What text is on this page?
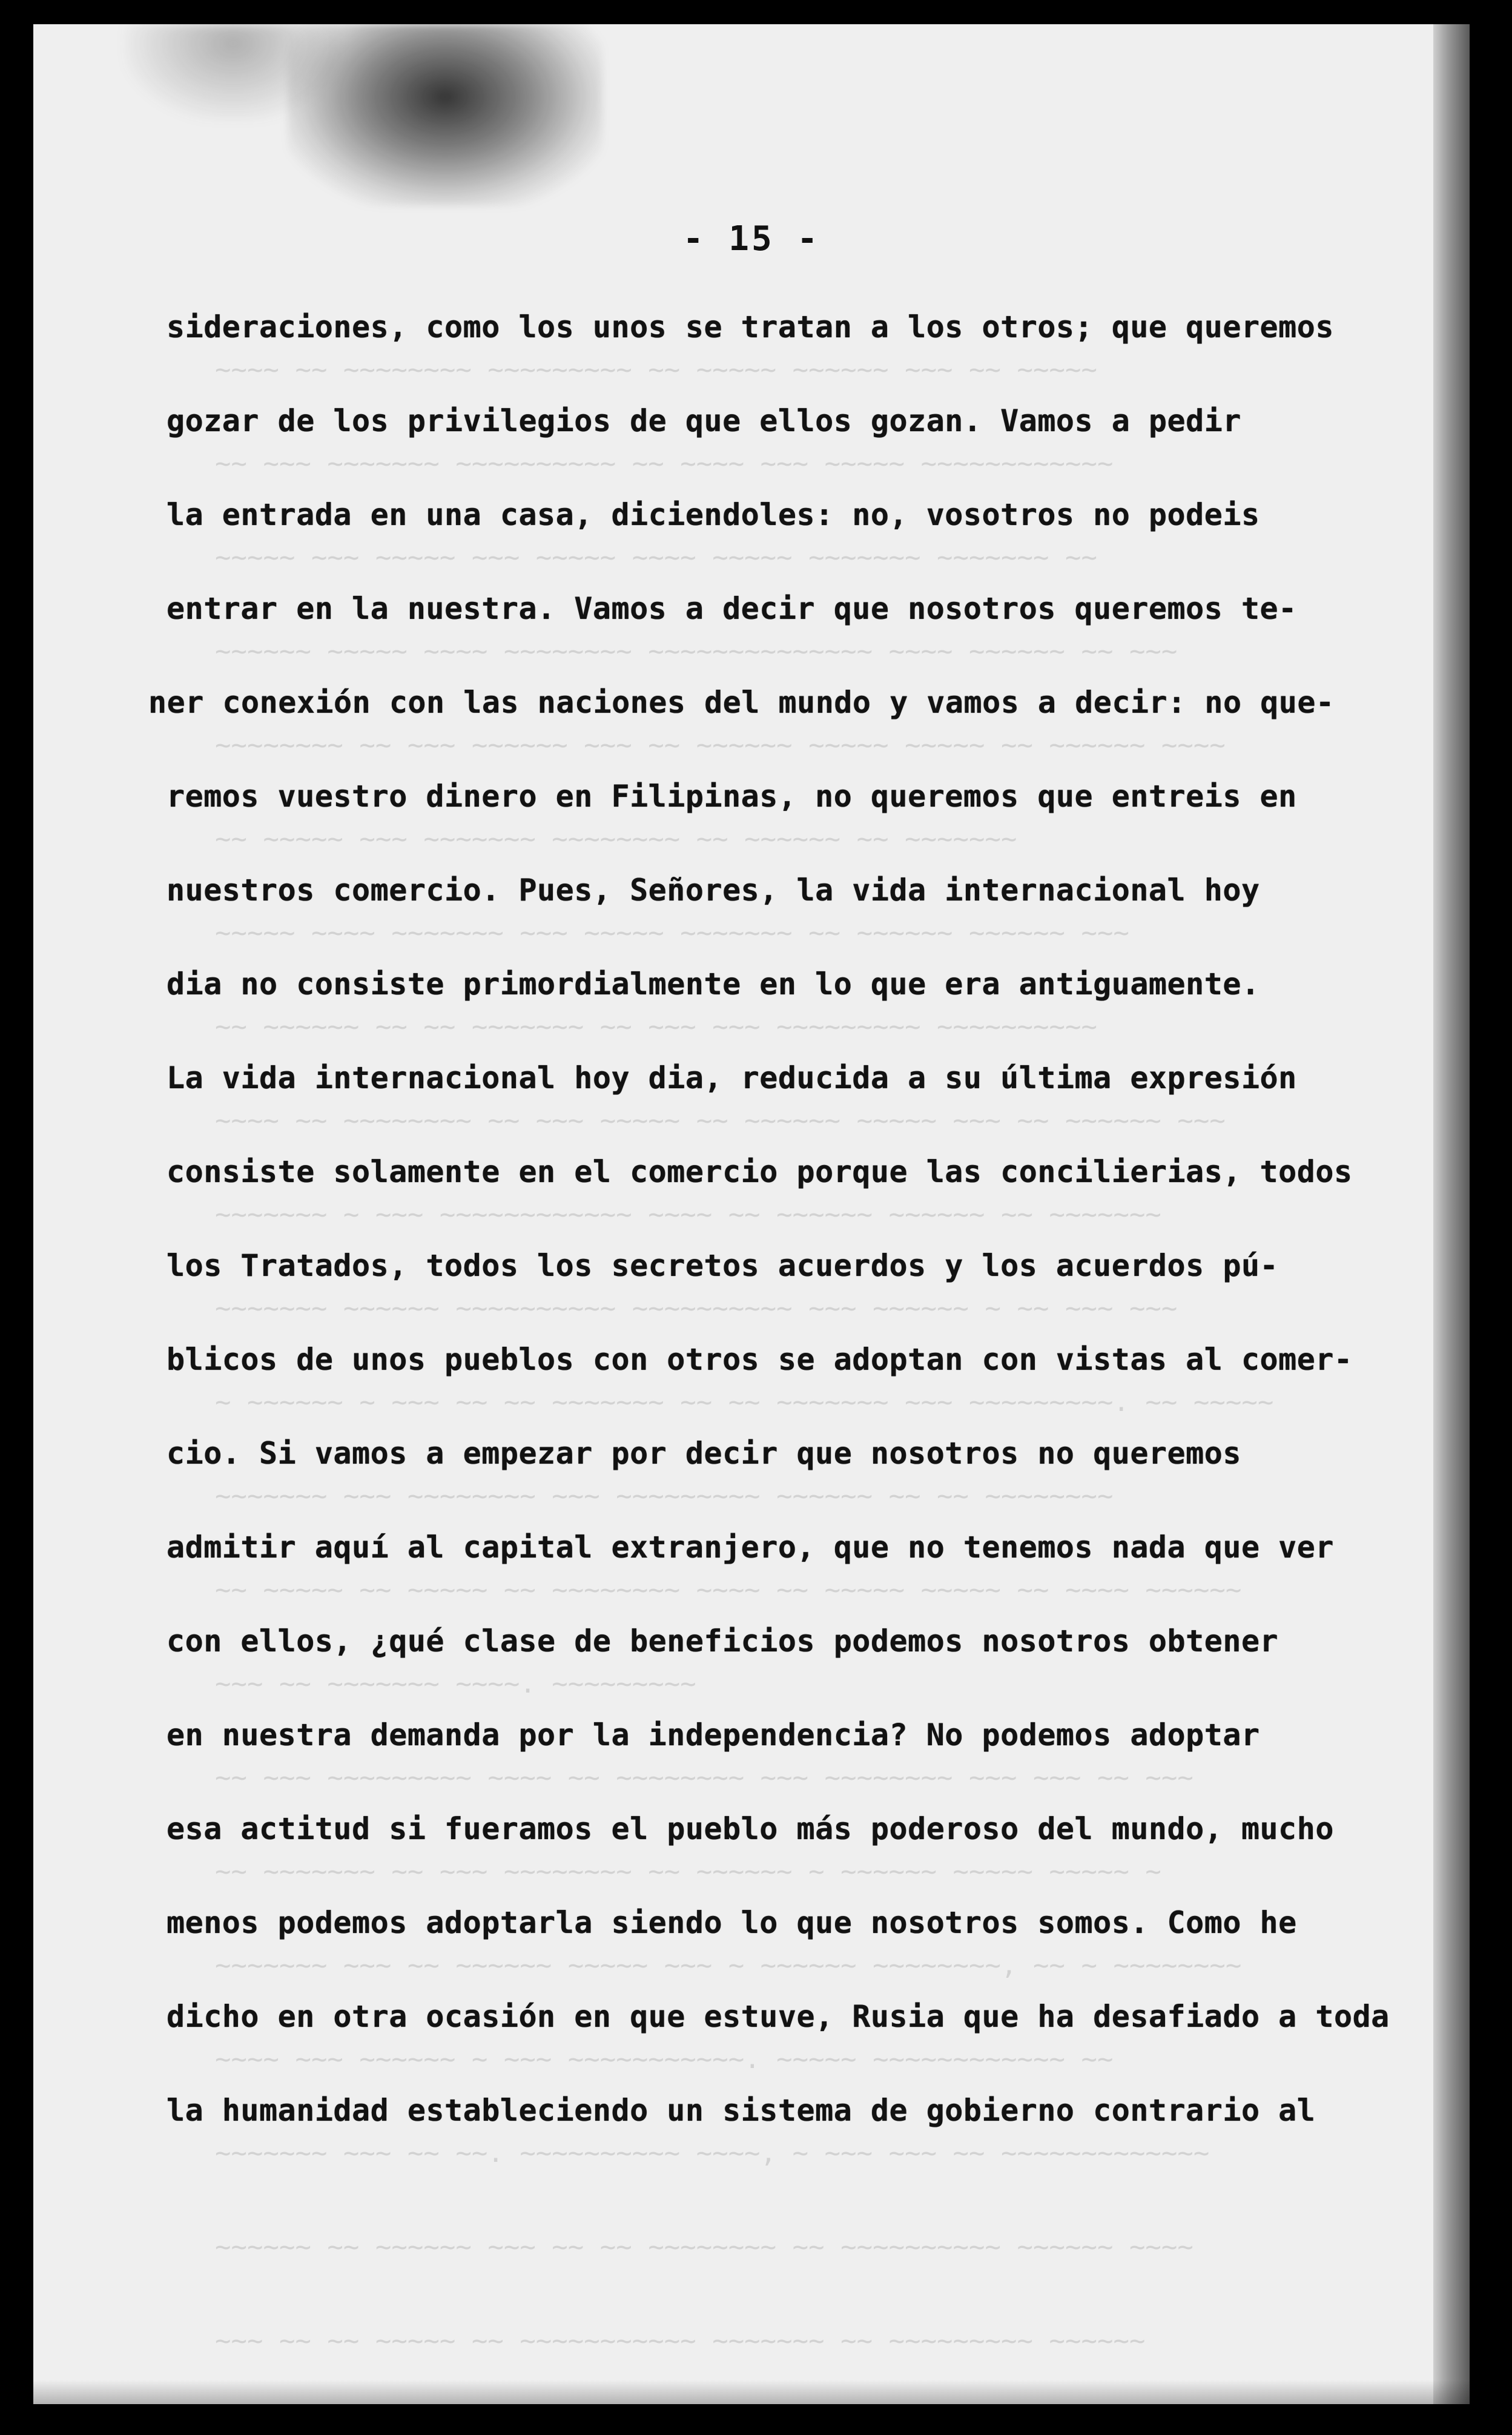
~~~~ ~~ ~~~~~~~~ ~~~~~~~~~ ~~ ~~~~~ ~~~~~~ ~~~ ~~ ~~~~~
~~ ~~~ ~~~~~~~ ~~~~~~~~~~ ~~ ~~~~ ~~~ ~~~~~ ~~~~~~~~~~~~
~~~~~ ~~~ ~~~~~ ~~~ ~~~~~ ~~~~ ~~~~~ ~~~~~~~ ~~~~~~~ ~~
~~~~~~ ~~~~~ ~~~~ ~~~~~~~~ ~~~~~~~~~~~~~~ ~~~~ ~~~~~~ ~~ ~~~
~~~~~~~~ ~~ ~~~ ~~~~~~ ~~~ ~~ ~~~~~~ ~~~~~ ~~~~~ ~~ ~~~~~~ ~~~~
~~ ~~~~~ ~~~ ~~~~~~~ ~~~~~~~~ ~~ ~~~~~~ ~~ ~~~~~~~
~~~~~ ~~~~ ~~~~~~~ ~~~ ~~~~~ ~~~~~~~ ~~ ~~~~~~ ~~~~~~ ~~~
~~ ~~~~~~ ~~ ~~ ~~~~~~~ ~~ ~~~ ~~~ ~~~~~~~~~ ~~~~~~~~~~
~~~~ ~~ ~~~~~~~~ ~~ ~~~ ~~~~~ ~~ ~~~~~~ ~~~~~ ~~~ ~~ ~~~~~~ ~~~
~~~~~~~ ~ ~~~ ~~~~~~~~~~~~ ~~~~ ~~ ~~~~~~ ~~~~~~ ~~ ~~~~~~~
~~~~~~~ ~~~~~~ ~~~~~~~~~~ ~~~~~~~~~~ ~~~ ~~~~~~ ~ ~~ ~~~ ~~~
~ ~~~~~~ ~ ~~~ ~~ ~~ ~~~~~~~ ~~ ~~ ~~~~~~~ ~~~ ~~~~~~~~~. ~~ ~~~~~
~~~~~~~ ~~~ ~~~~~~~~ ~~~ ~~~~~~~~~ ~~~~~~ ~~ ~~ ~~~~~~~~
~~ ~~~~~ ~~ ~~~~~ ~~ ~~~~~~~~ ~~~~ ~~ ~~~~~ ~~~~~ ~~ ~~~~ ~~~~~~
~~~ ~~ ~~~~~~~ ~~~~. ~~~~~~~~~
~~ ~~~ ~~~~~~~~~ ~~~~ ~~ ~~~~~~~~ ~~~ ~~~~~~~~ ~~~ ~~~ ~~ ~~~
~~ ~~~~~~~ ~~ ~~~ ~~~~~~~~ ~~ ~~~~~~ ~ ~~~~~~ ~~~~~ ~~~~~ ~
~~~~~~~ ~~~ ~~ ~~~~~~ ~~~~~ ~~~ ~ ~~~~~~ ~~~~~~~~, ~~ ~ ~~~~~~~~
~~~~ ~~~ ~~~~~~ ~ ~~~ ~~~~~~~~~~~. ~~~~~ ~~~~~~~~~~~~ ~~
~~~~~~~ ~~~ ~~ ~~. ~~~~~~~~~~ ~~~~, ~ ~~~ ~~~ ~~ ~~~~~~~~~~~~~
~~~~~~ ~~ ~~~~~~ ~~~ ~~ ~~ ~~~~~~~~ ~~ ~~~~~~~~~~ ~~~~~~ ~~~~
~~~ ~~ ~~ ~~~~~ ~~ ~~~~~~~~~~~ ~~~~~~~ ~~ ~~~~~~~~~ ~~~~~~
- 15 -
sideraciones, como los unos se tratan a los otros; que queremos
gozar de los privilegios de que ellos gozan. Vamos a pedir
la entrada en una casa, diciendoles: no, vosotros no podeis
entrar en la nuestra. Vamos a decir que nosotros queremos te-
ner conexión con las naciones del mundo y vamos a decir: no que-
remos vuestro dinero en Filipinas, no queremos que entreis en
nuestros comercio. Pues, Señores, la vida internacional hoy
dia no consiste primordialmente en lo que era antiguamente.
La vida internacional hoy dia, reducida a su última expresión
consiste solamente en el comercio porque las concilierias, todos
los Tratados, todos los secretos acuerdos y los acuerdos pú-
blicos de unos pueblos con otros se adoptan con vistas al comer-
cio. Si vamos a empezar por decir que nosotros no queremos
admitir aquí al capital extranjero, que no tenemos nada que ver
con ellos, ¿qué clase de beneficios podemos nosotros obtener
en nuestra demanda por la independencia? No podemos adoptar
esa actitud si fueramos el pueblo más poderoso del mundo, mucho
menos podemos adoptarla siendo lo que nosotros somos. Como he
dicho en otra ocasión en que estuve, Rusia que ha desafiado a toda
la humanidad estableciendo un sistema de gobierno contrario al
